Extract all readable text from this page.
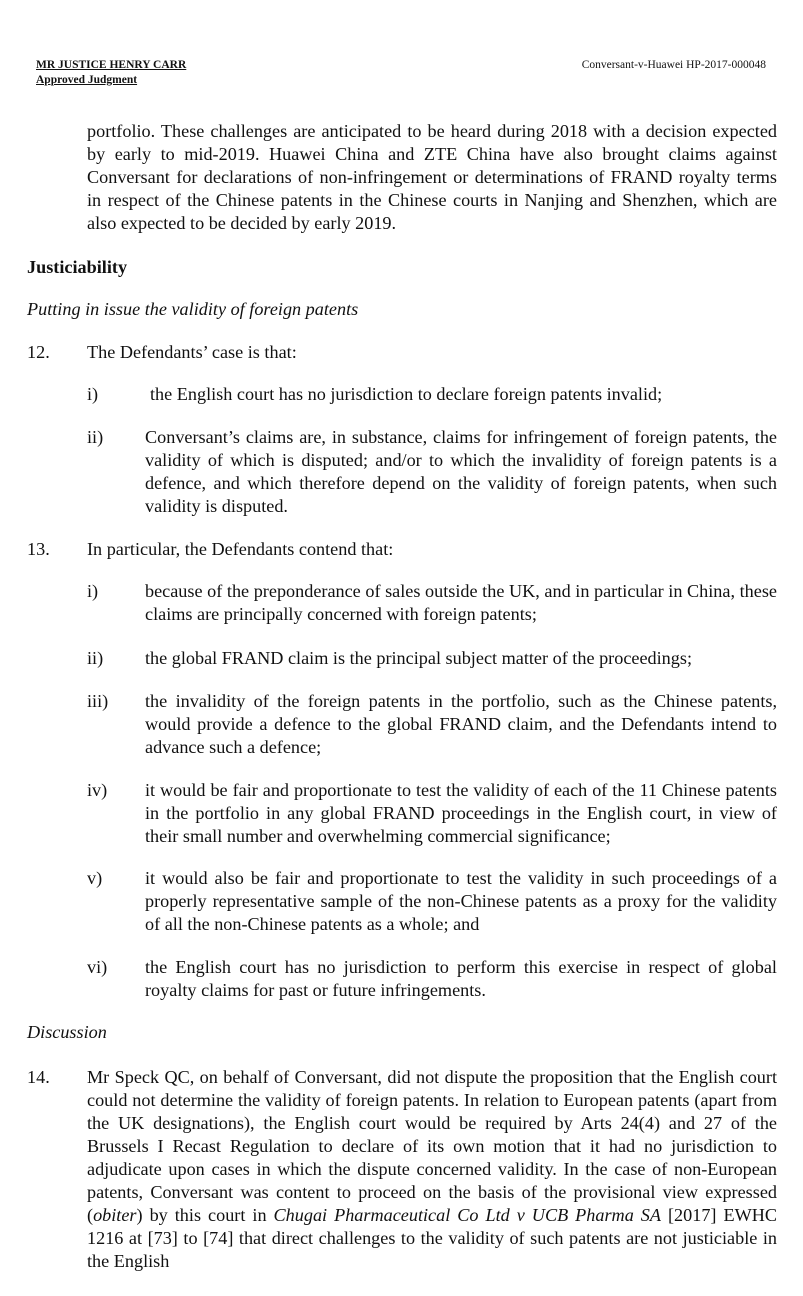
MR JUSTICE HENRY CARR
Approved Judgment
Conversant-v-Huawei HP-2017-000048
portfolio. These challenges are anticipated to be heard during 2018 with a decision expected by early to mid-2019. Huawei China and ZTE China have also brought claims against Conversant for declarations of non-infringement or determinations of FRAND royalty terms in respect of the Chinese patents in the Chinese courts in Nanjing and Shenzhen, which are also expected to be decided by early 2019.
Justiciability
Putting in issue the validity of foreign patents
12. The Defendants’ case is that:
i)	the English court has no jurisdiction to declare foreign patents invalid;
ii) Conversant’s claims are, in substance, claims for infringement of foreign patents, the validity of which is disputed; and/or to which the invalidity of foreign patents is a defence, and which therefore depend on the validity of foreign patents, when such validity is disputed.
13. In particular, the Defendants contend that:
i)	because of the preponderance of sales outside the UK, and in particular in China, these claims are principally concerned with foreign patents;
ii) the global FRAND claim is the principal subject matter of the proceedings;
iii) the invalidity of the foreign patents in the portfolio, such as the Chinese patents, would provide a defence to the global FRAND claim, and the Defendants intend to advance such a defence;
iv) it would be fair and proportionate to test the validity of each of the 11 Chinese patents in the portfolio in any global FRAND proceedings in the English court, in view of their small number and overwhelming commercial significance;
v) it would also be fair and proportionate to test the validity in such proceedings of a properly representative sample of the non-Chinese patents as a proxy for the validity of all the non-Chinese patents as a whole; and
vi) the English court has no jurisdiction to perform this exercise in respect of global royalty claims for past or future infringements.
Discussion
14. Mr Speck QC, on behalf of Conversant, did not dispute the proposition that the English court could not determine the validity of foreign patents. In relation to European patents (apart from the UK designations), the English court would be required by Arts 24(4) and 27 of the Brussels I Recast Regulation to declare of its own motion that it had no jurisdiction to adjudicate upon cases in which the dispute concerned validity. In the case of non-European patents, Conversant was content to proceed on the basis of the provisional view expressed (obiter) by this court in Chugai Pharmaceutical Co Ltd v UCB Pharma SA [2017] EWHC 1216 at [73] to [74] that direct challenges to the validity of such patents are not justiciable in the English
